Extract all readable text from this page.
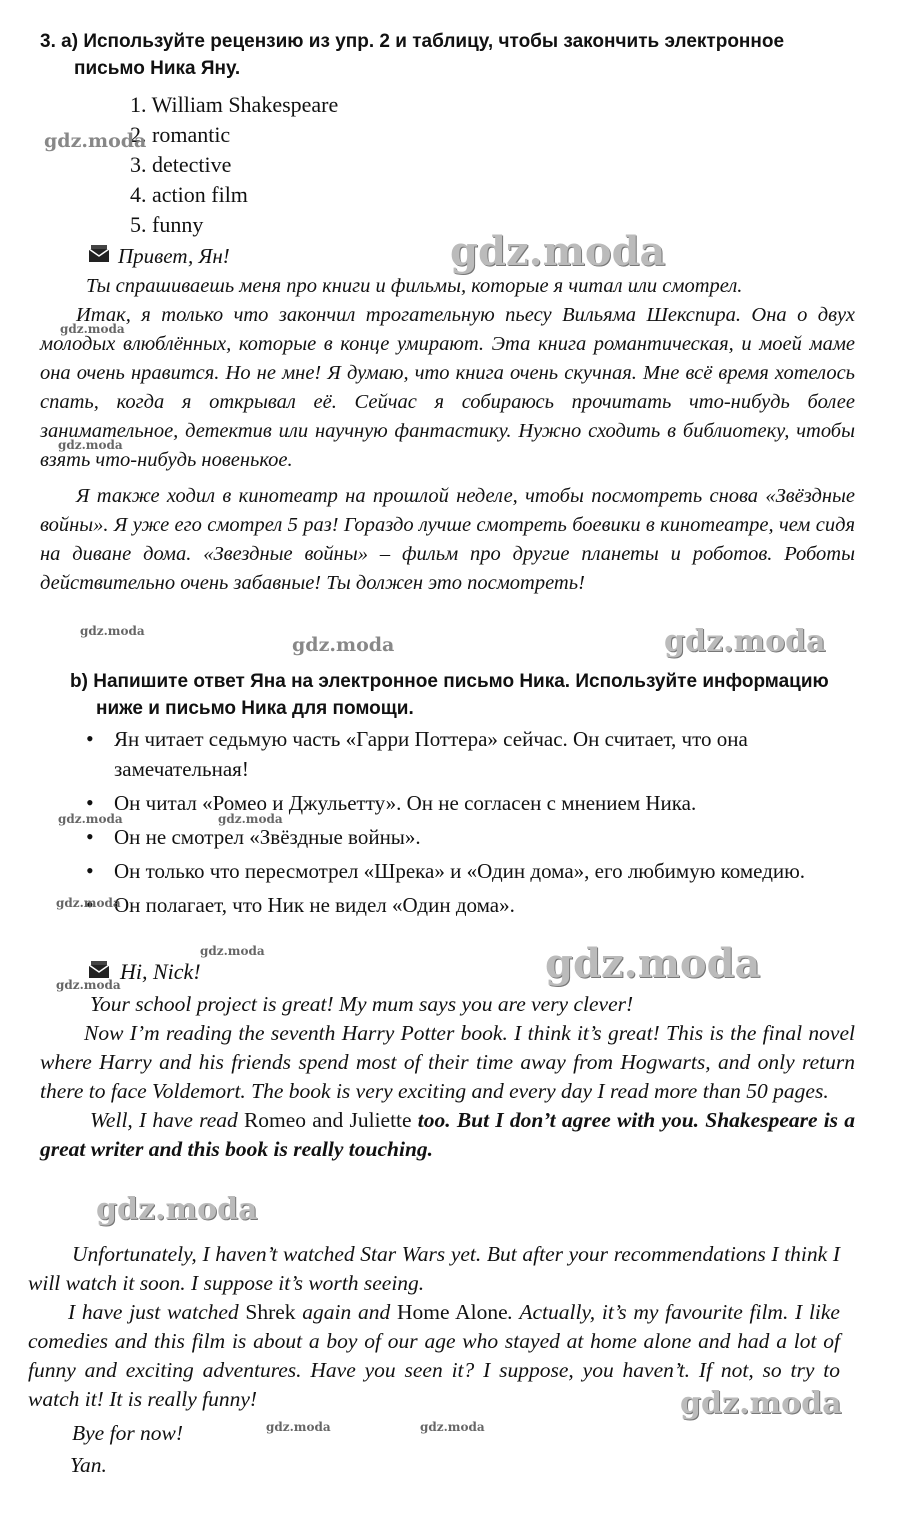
3. a) Используйте рецензию из упр. 2 и таблицу, чтобы закончить электронное
письмо Ника Яну.
1. William Shakespeare
2. romantic
3. detective
4. action film
5. funny
Привет, Ян!

Ты спрашиваешь меня про книги и фильмы, которые я читал или смотрел.

Итак, я только что закончил трогательную пьесу Вильяма Шекспира. Она о двух молодых влюблённых, которые в конце умирают. Эта книга романтическая, и моей маме она очень нравится. Но не мне! Я думаю, что книга очень скучная. Мне всё время хотелось спать, когда я открывал её. Сейчас я собираюсь прочитать что-нибудь более занимательное, детектив или научную фантастику. Нужно сходить в библиотеку, чтобы взять что-нибудь новенькое.

Я также ходил в кинотеатр на прошлой неделе, чтобы посмотреть снова «Звёздные войны». Я уже его смотрел 5 раз! Гораздо лучше смотреть боевики в кинотеатре, чем сидя на диване дома. «Звездные войны» – фильм про другие планеты и роботов. Роботы действительно очень забавные! Ты должен это посмотреть!

b) Напишите ответ Яна на электронное письмо Ника. Используйте информацию
ниже и письмо Ника для помощи.
• Ян читает седьмую часть «Гарри Поттера» сейчас. Он считает, что она замечательная!
• Он читал «Ромео и Джульетту». Он не согласен с мнением Ника.
• Он не смотрел «Звёздные войны».
• Он только что пересмотрел «Шрека» и «Один дома», его любимую комедию.
• Он полагает, что Ник не видел «Один дома».
Hi, Nick!

Your school project is great! My mum says you are very clever!

Now I’m reading the seventh Harry Potter book. I think it’s great! This is the final novel where Harry and his friends spend most of their time away from Hogwarts, and only return there to face Voldemort. The book is very exciting and every day I read more than 50 pages.

Well, I have read Romeo and Juliette too. But I don’t agree with you. Shakespeare is a great writer and this book is really touching.

Unfortunately, I haven’t watched Star Wars yet. But after your recommendations I think I will watch it soon. I suppose it’s worth seeing.

I have just watched Shrek again and Home Alone. Actually, it’s my favourite film. I like comedies and this film is about a boy of our age who stayed at home alone and had a lot of funny and exciting adventures. Have you seen it? I suppose, you haven’t. If not, so try to watch it! It is really funny!

Bye for now!
Yan.
gdz.moda
gdz.moda
gdz.moda
gdz.moda
gdz.moda
gdz.moda	gdz.moda
gdz.moda	gdz.moda
gdz.moda
gdz.moda	gdz.moda
gdz.moda
gdz.moda
gdz.moda
gdz.moda	gdz.moda
